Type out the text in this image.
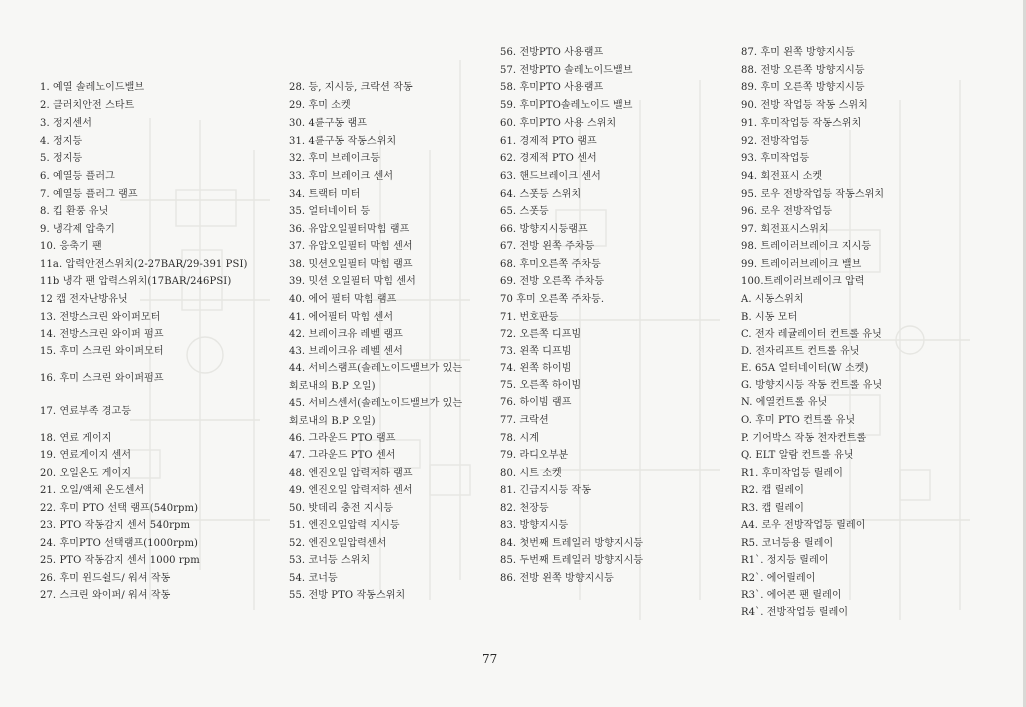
1. 예열 솔레노이드밸브
2. 클러치안전 스타트
3. 정지센서
4. 정지등
5. 정지등
6. 예열등 플러그
7. 예열등 플러그 램프
8. 킵 환풍 유닛
9. 냉각제 압축기
10. 응축기 팬
11a. 압력안전스위치(2-27BAR/29-391 PSI)
11b 냉각 팬 압력스위치(17BAR/246PSI)
12 캡 전자난방유닛
13. 전방스크린 와이퍼모터
14. 전방스크린 와이퍼 펌프
15. 후미 스크린 와이퍼모터
16. 후미 스크린 와이퍼펌프
17. 연료부족 경고등
18. 연료 게이지
19. 연료게이지 센서
20. 오일온도 게이지
21. 오일/액체 온도센서
22. 후미 PTO 선택 램프(540rpm)
23. PTO 작동감지 센서 540rpm
24. 후미PTO 선택램프(1000rpm)
25. PTO 작동감지 센서 1000 rpm
26. 후미 윈드쉴드/ 워셔 작동
27. 스크린 와이퍼/ 워셔 작동
28. 등, 지시등, 크락션 작동
29. 후미 소켓
30. 4륜구동 램프
31. 4륜구동 작동스위치
32. 후미 브레이크등
33. 후미 브레이크 센서
34. 트랙터 미터
35. 얼터네이터 등
36. 유압오일필터막힘 램프
37. 유압오일필터 막힘 센서
38. 밋션오일필터 막힘 램프
39. 밋션 오일필터 막힘 센서
40. 에어 필터 막힘 램프
41. 에어필터 막힘 센서
42. 브레이크유 레벨 램프
43. 브레이크유 레벨 센서
44. 서비스램프(솔레노이드밸브가 있는 회로내의 B.P 오일)
45. 서비스센서(솔레노이드밸브가 있는 회로내의 B.P 오일)
46. 그라운드 PTO 램프
47. 그라운드 PTO 센서
48. 엔진오일 압력저하 램프
49. 엔진오일 압력저하 센서
50. 밧데리 충전 지시등
51. 엔진오일압력 지시등
52. 엔진오일압력센서
53. 코너등 스위치
54. 코너등
55. 전방 PTO 작동스위치
56. 전방PTO 사용램프
57. 전방PTO 솔레노이드밸브
58. 후미PTO 사용램프
59. 후미PTO솔레노이드 밸브
60. 후미PTO 사용 스위치
61. 경제적 PTO 램프
62. 경제적 PTO 센서
63. 핸드브레이크 센서
64. 스폿등 스위치
65. 스폿등
66. 방향지시등램프
67. 전방 왼쪽 주차등
68. 후미오른쪽 주차등
69. 전방 오른쪽 주차등
70 후미 오른쪽 주차등.
71. 번호판등
72. 오른쪽 디프빔
73. 왼쪽 디프빔
74. 왼쪽 하이빔
75. 오른쪽 하이빔
76. 하이빔 램프
77. 크락션
78. 시계
79. 라디오부분
80. 시트 소켓
81. 긴급지시등 작동
82. 천장등
83. 방향지시등
84. 첫번째 트레일러 방향지시등
85. 두번째 트레일러 방향지시등
86. 전방 왼쪽 방향지시등
87. 후미 왼쪽 방향지시등
88. 전방 오른쪽 방향지시등
89. 후미 오른쪽 방향지시등
90. 전방 작업등 작동 스위치
91. 후미작업등 작동스위치
92. 전방작업등
93. 후미작업등
94. 회전표시 소켓
95. 로우 전방작업등 작동스위치
96. 로우 전방작업등
97. 회전표시스위치
98. 트레이러브레이크 지시등
99. 트레이러브레이크 밸브
100.트레이러브레이크 압력
A. 시동스위치
B. 시동 모터
C. 전자 레귤레이터 컨트롤 유닛
D. 전자리프트 컨트롤 유닛
E. 65A 얼터네이터(W 소켓)
G. 방향지시등 작동 컨트롤 유닛
N. 에열컨트롤 유닛
O. 후미 PTO 컨트롤 유닛
P. 기어박스 작동 전자컨트롤
Q. ELT 알람 컨트롤 유닛
R1. 후미작업등 릴레이
R2. 캡 릴레이
R3. 캡 릴레이
A4. 로우 전방작업등 릴레이
R5. 코너등용 릴레이
R1`. 정지등 릴레이
R2`. 에어릴레이
R3`. 에어콘 팬 릴레이
R4`. 전방작업등 릴레이
77
